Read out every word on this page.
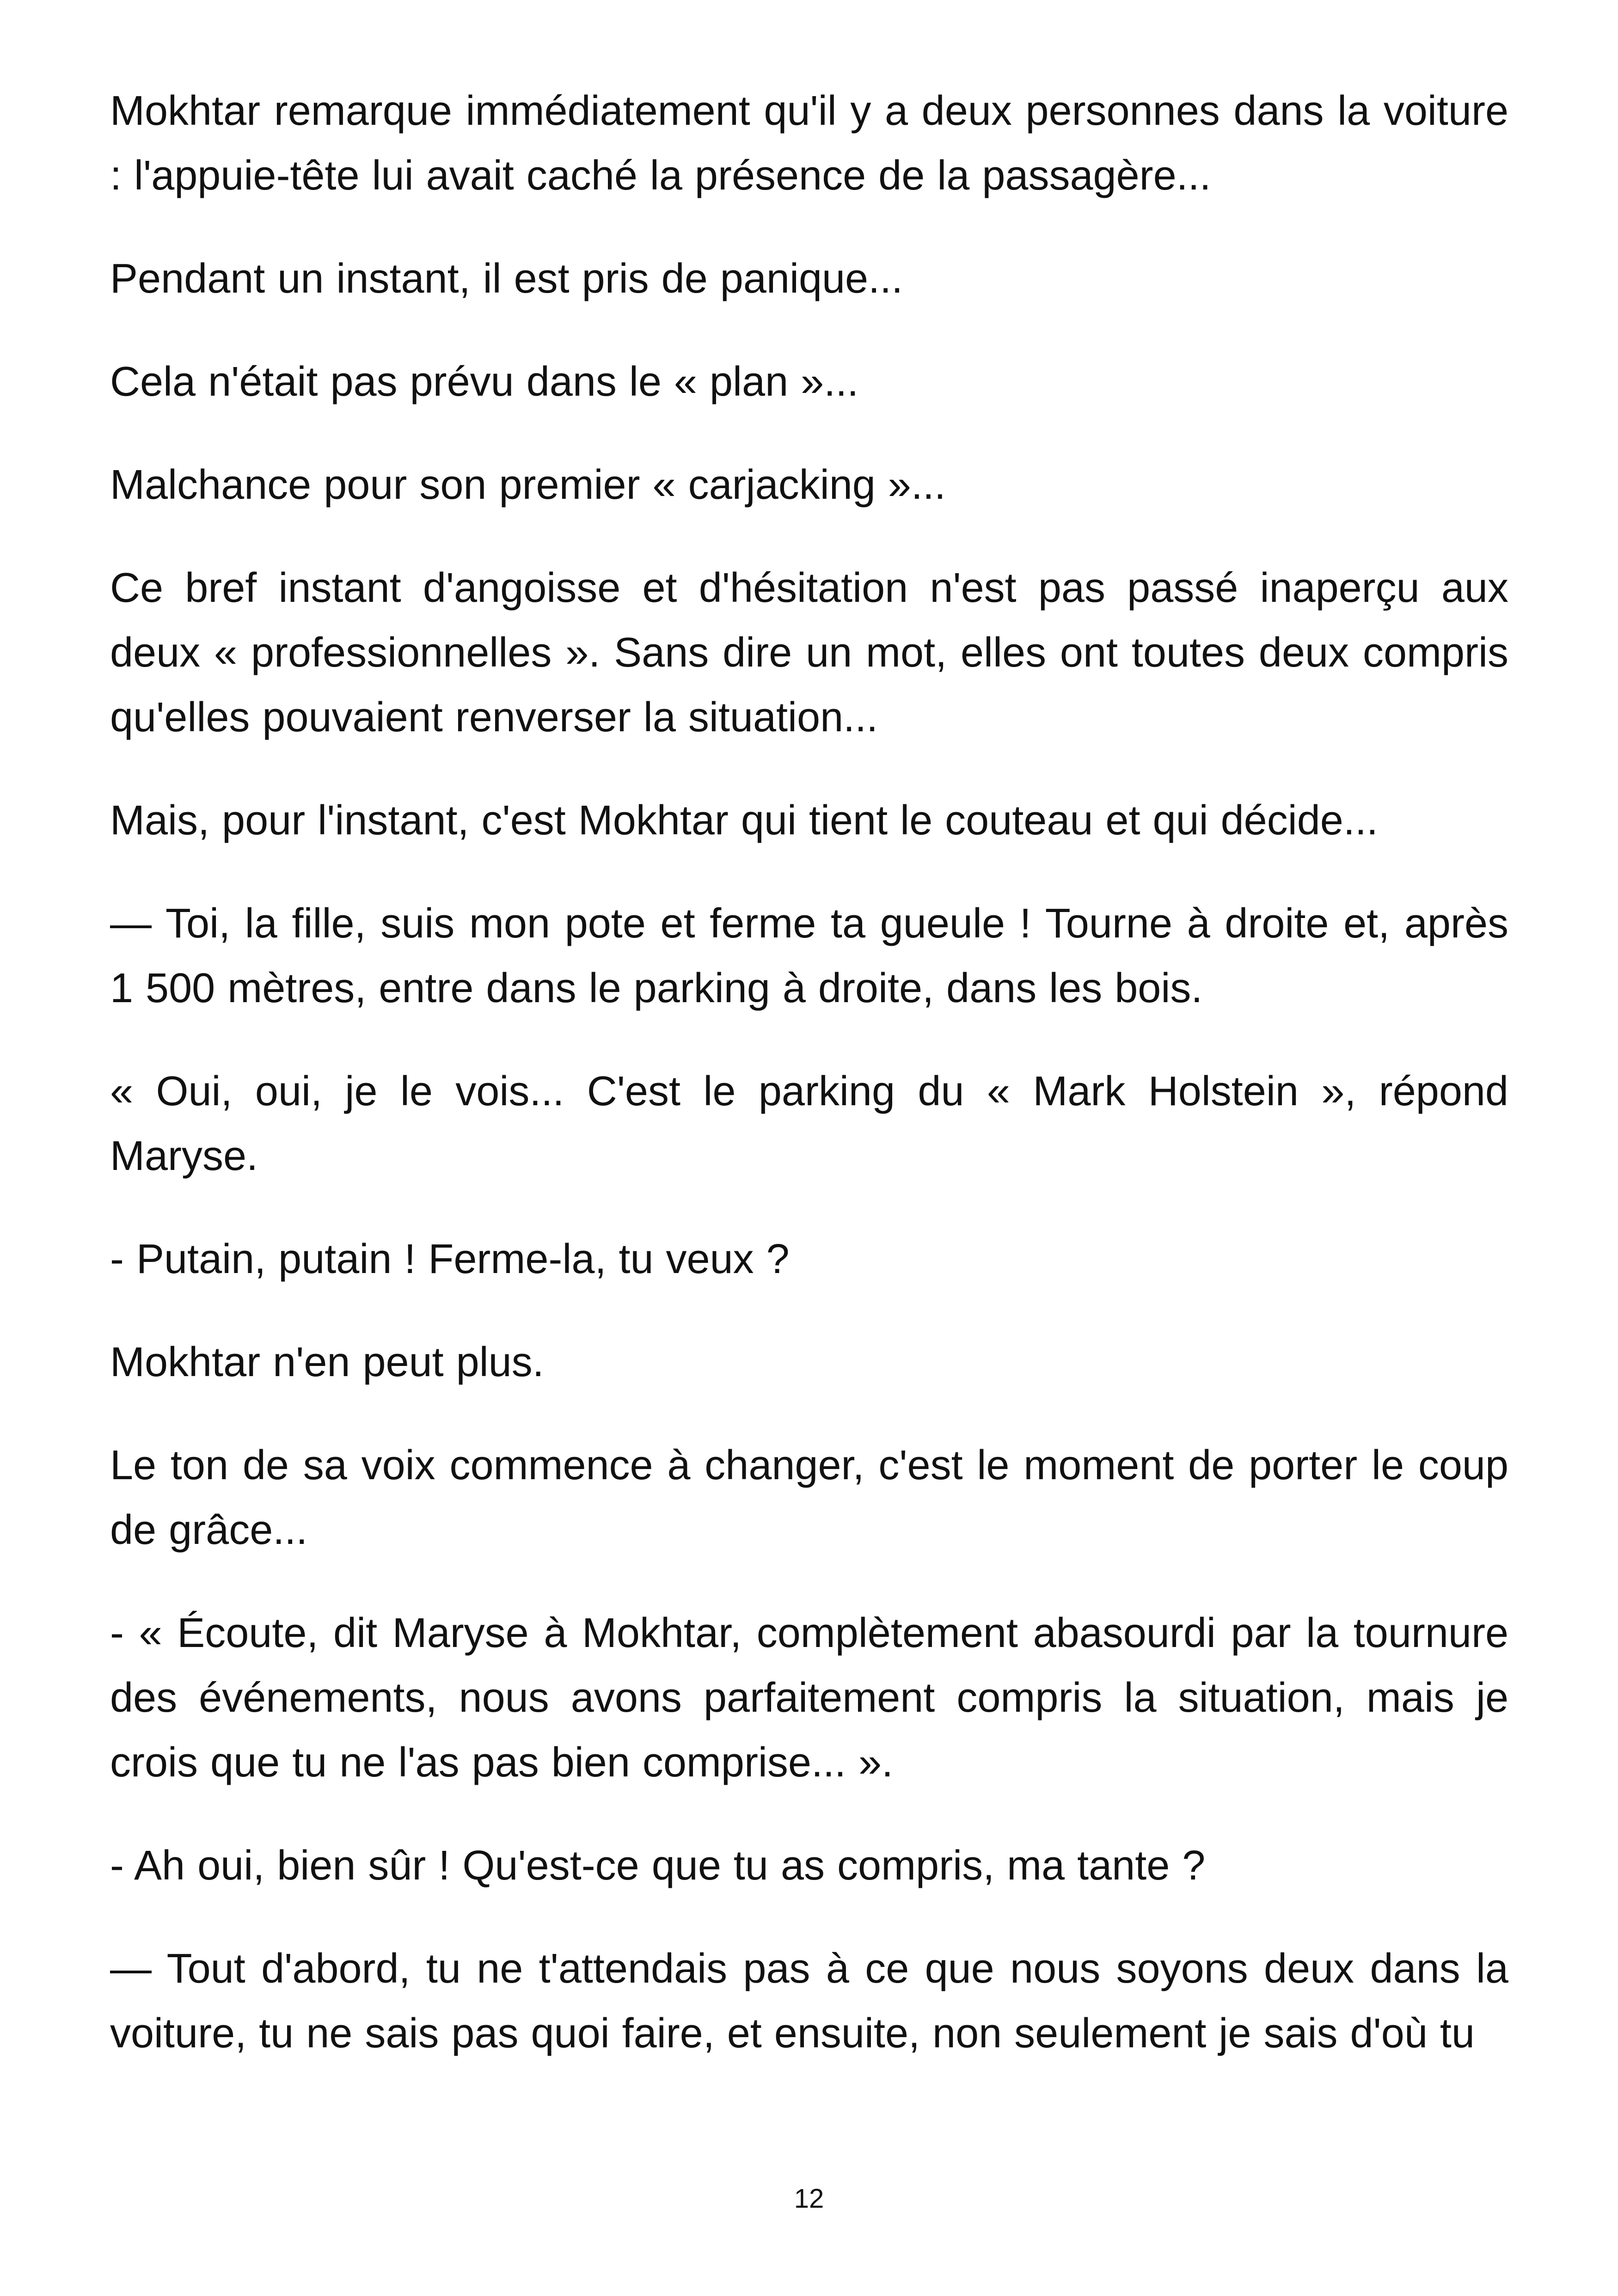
Mokhtar remarque immédiatement qu'il y a deux personnes dans la voiture : l'appuie-tête lui avait caché la présence de la passagère...

Pendant un instant, il est pris de panique...

Cela n'était pas prévu dans le « plan »...

Malchance pour son premier « carjacking »...

Ce bref instant d'angoisse et d'hésitation n'est pas passé inaperçu aux deux « professionnelles ». Sans dire un mot, elles ont toutes deux compris qu'elles pouvaient renverser la situation...

Mais, pour l'instant, c'est Mokhtar qui tient le couteau et qui décide...

— Toi, la fille, suis mon pote et ferme ta gueule ! Tourne à droite et, après 1 500 mètres, entre dans le parking à droite, dans les bois.

« Oui, oui, je le vois... C'est le parking du « Mark Holstein », répond Maryse.

- Putain, putain ! Ferme-la, tu veux ?

Mokhtar n'en peut plus.

Le ton de sa voix commence à changer, c'est le moment de porter le coup de grâce...

- « Écoute, dit Maryse à Mokhtar, complètement abasourdi par la tournure des événements, nous avons parfaitement compris la situation, mais je crois que tu ne l'as pas bien comprise... ».

- Ah oui, bien sûr ! Qu'est-ce que tu as compris, ma tante ?

— Tout d'abord, tu ne t'attendais pas à ce que nous soyons deux dans la voiture, tu ne sais pas quoi faire, et ensuite, non seulement je sais d'où tu

12
